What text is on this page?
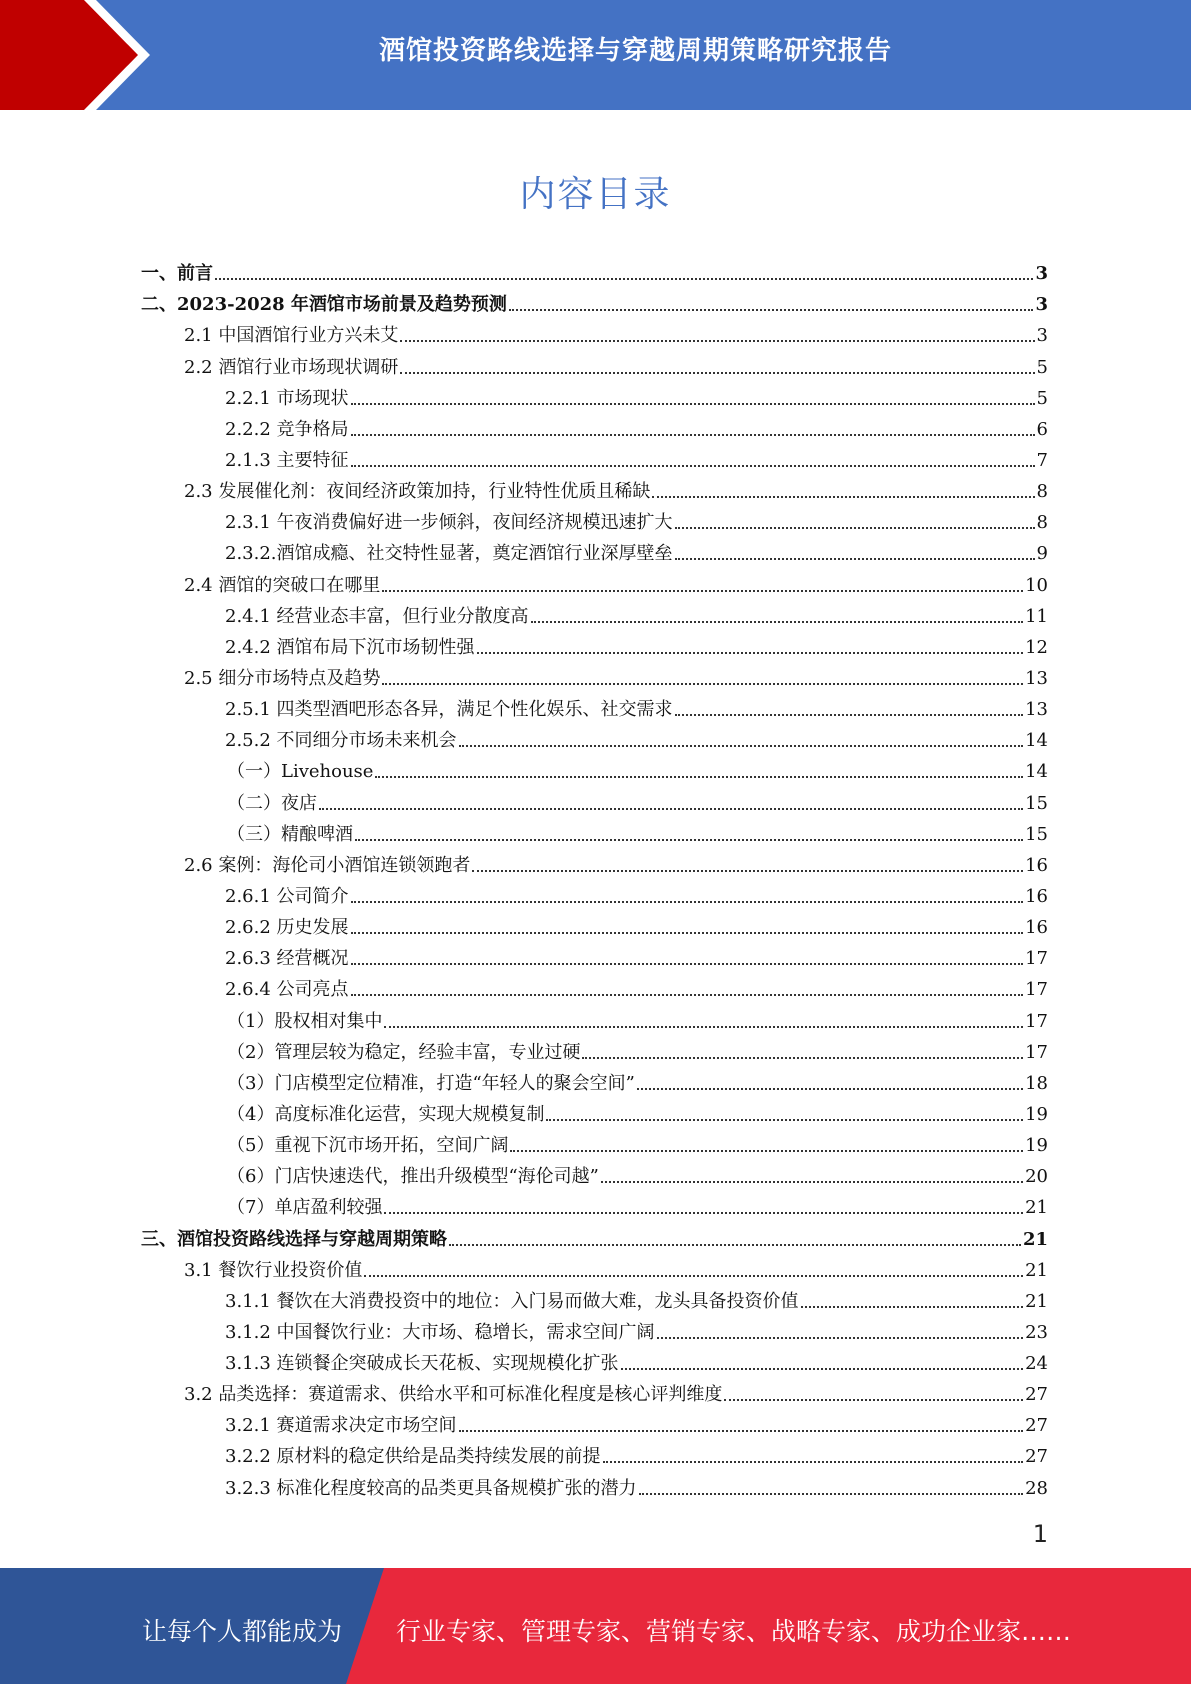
酒馆投资路线选择与穿越周期策略研究报告
内容目录
一、前言	3
二、2023-2028 年酒馆市场前景及趋势预测	3
2.1 中国酒馆行业方兴未艾	3
2.2 酒馆行业市场现状调研	5
2.2.1 市场现状	5
2.2.2 竞争格局	6
2.1.3 主要特征	7
2.3 发展催化剂：夜间经济政策加持，行业特性优质且稀缺	8
2.3.1 午夜消费偏好进一步倾斜，夜间经济规模迅速扩大	8
2.3.2.酒馆成瘾、社交特性显著，奠定酒馆行业深厚壁垒	9
2.4 酒馆的突破口在哪里	10
2.4.1 经营业态丰富，但行业分散度高	11
2.4.2 酒馆布局下沉市场韧性强	12
2.5 细分市场特点及趋势	13
2.5.1 四类型酒吧形态各异，满足个性化娱乐、社交需求	13
2.5.2 不同细分市场未来机会	14
（一）Livehouse	14
（二）夜店	15
（三）精酿啤酒	15
2.6 案例：海伦司小酒馆连锁领跑者	16
2.6.1 公司简介	16
2.6.2 历史发展	16
2.6.3 经营概况	17
2.6.4 公司亮点	17
（1）股权相对集中	17
（2）管理层较为稳定，经验丰富，专业过硬	17
（3）门店模型定位精准，打造“年轻人的聚会空间”	18
（4）高度标准化运营，实现大规模复制	19
（5）重视下沉市场开拓，空间广阔	19
（6）门店快速迭代，推出升级模型“海伦司越”	20
（7）单店盈利较强	21
三、酒馆投资路线选择与穿越周期策略	21
3.1 餐饮行业投资价值	21
3.1.1 餐饮在大消费投资中的地位：入门易而做大难，龙头具备投资价值	21
3.1.2 中国餐饮行业：大市场、稳增长，需求空间广阔	23
3.1.3 连锁餐企突破成长天花板、实现规模化扩张	24
3.2 品类选择：赛道需求、供给水平和可标准化程度是核心评判维度	27
3.2.1 赛道需求决定市场空间	27
3.2.2 原材料的稳定供给是品类持续发展的前提	27
3.2.3 标准化程度较高的品类更具备规模扩张的潜力	28
1
让每个人都能成为 行业专家、管理专家、营销专家、战略专家、成功企业家……
